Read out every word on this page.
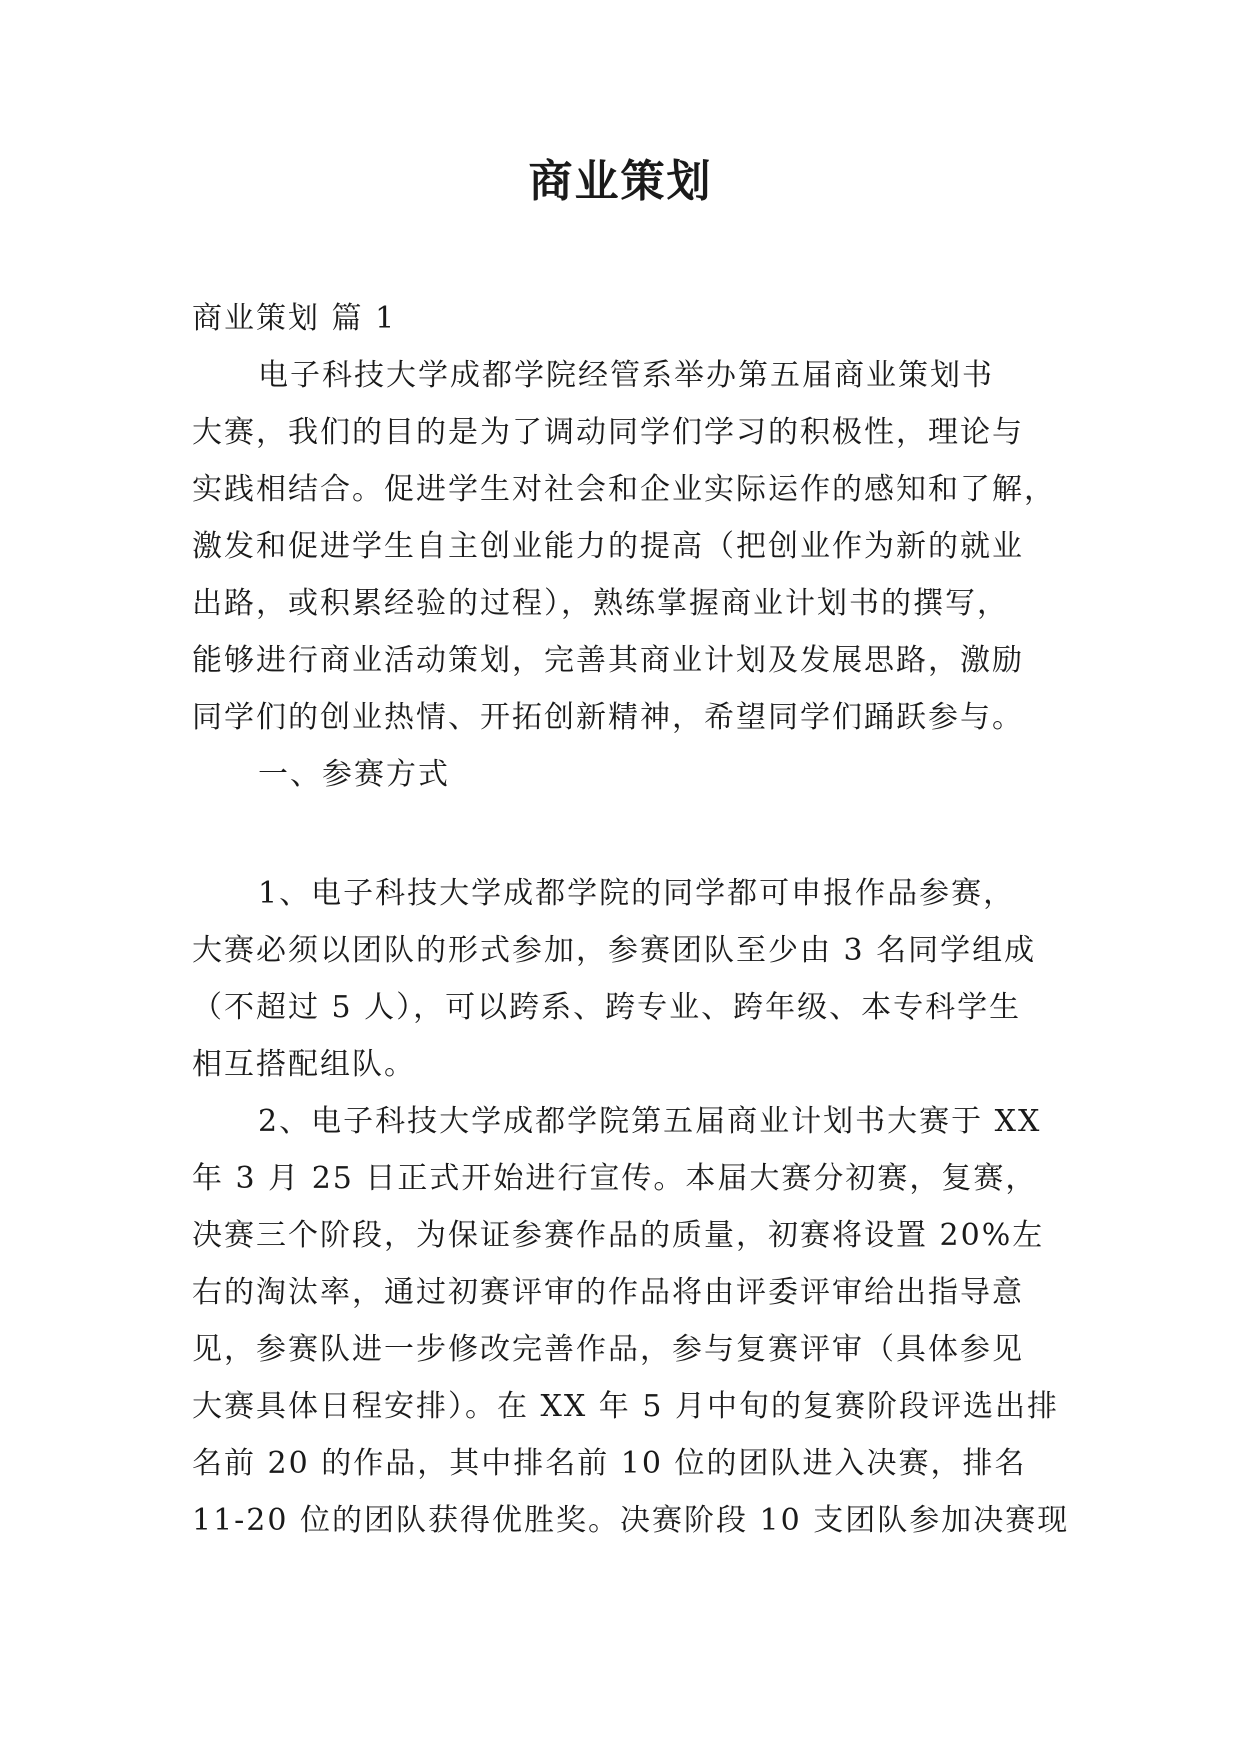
商业策划
商业策划 篇 1
电子科技大学成都学院经管系举办第五届商业策划书
大赛，我们的目的是为了调动同学们学习的积极性，理论与
实践相结合。促进学生对社会和企业实际运作的感知和了解，
激发和促进学生自主创业能力的提高（把创业作为新的就业
出路，或积累经验的过程），熟练掌握商业计划书的撰写，
能够进行商业活动策划，完善其商业计划及发展思路，激励
同学们的创业热情、开拓创新精神，希望同学们踊跃参与。
一、参赛方式
1、电子科技大学成都学院的同学都可申报作品参赛，
大赛必须以团队的形式参加，参赛团队至少由 3 名同学组成
（不超过 5 人），可以跨系、跨专业、跨年级、本专科学生
相互搭配组队。
2、电子科技大学成都学院第五届商业计划书大赛于 XX
年 3 月 25 日正式开始进行宣传。本届大赛分初赛，复赛，
决赛三个阶段，为保证参赛作品的质量，初赛将设置 20%左
右的淘汰率，通过初赛评审的作品将由评委评审给出指导意
见，参赛队进一步修改完善作品，参与复赛评审（具体参见
大赛具体日程安排）。在 XX 年 5 月中旬的复赛阶段评选出排
名前 20 的作品，其中排名前 10 位的团队进入决赛，排名
11-20 位的团队获得优胜奖。决赛阶段 10 支团队参加决赛现
